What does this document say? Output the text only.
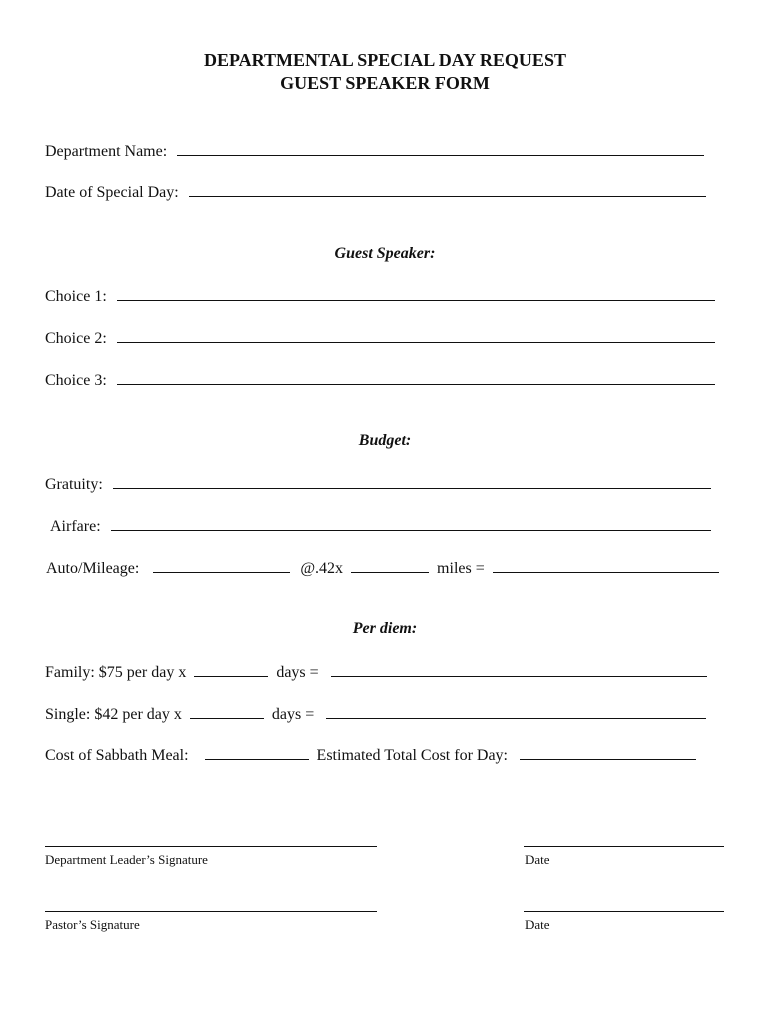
DEPARTMENTAL SPECIAL DAY REQUEST
GUEST SPEAKER FORM
Department Name:
Date of Special Day:
Guest Speaker:
Choice 1:
Choice 2:
Choice 3:
Budget:
Gratuity:
Airfare:
Auto/Mileage:	@.42x	miles =
Per diem:
Family: $75 per day x	days =
Single: $42 per day x	days =
Cost of Sabbath Meal:	Estimated Total Cost for Day:
Department Leader’s Signature	Date
Pastor’s Signature	Date
